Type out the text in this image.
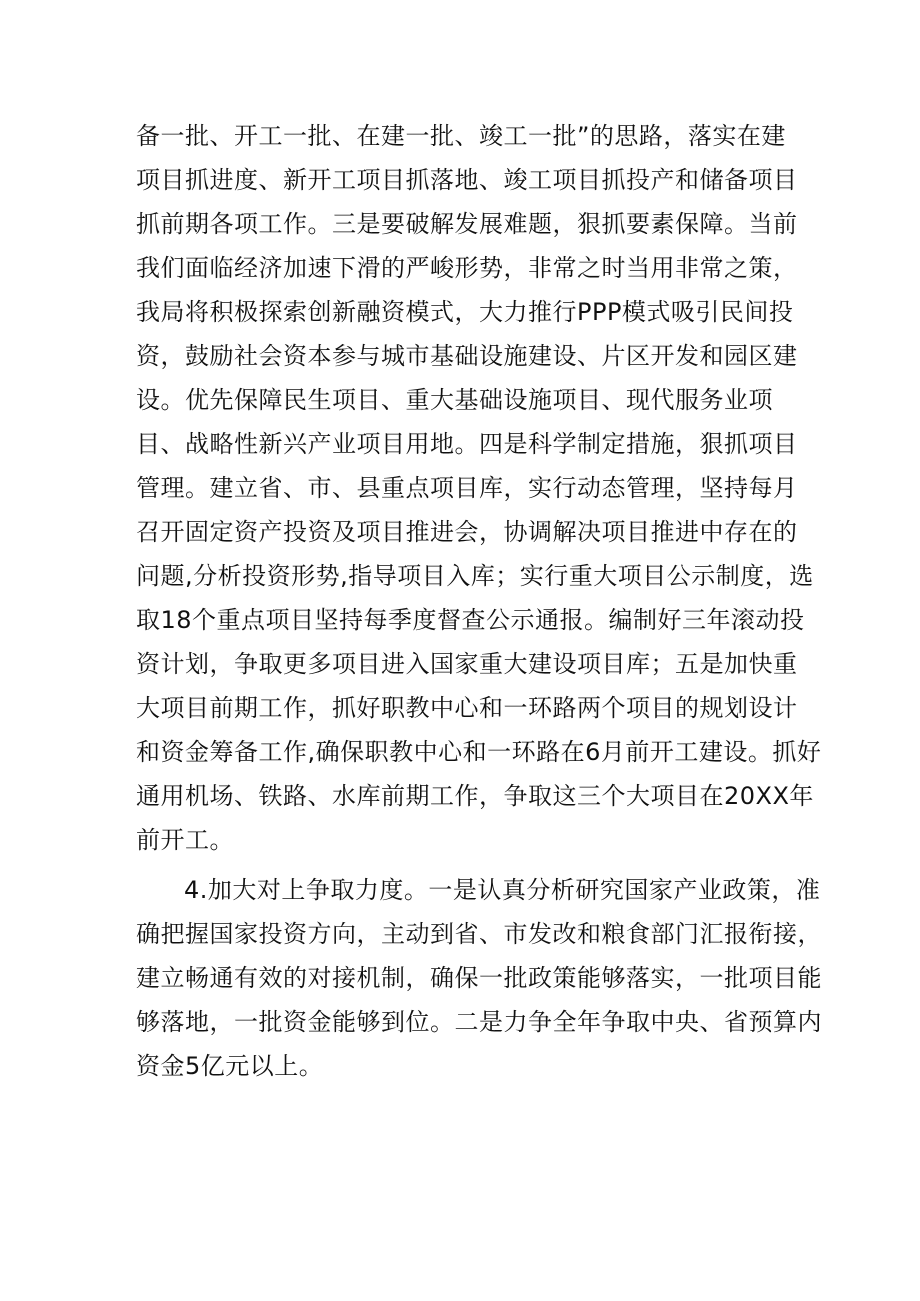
备一批、开工一批、在建一批、竣工一批”的思路，落实在建
项目抓进度、新开工项目抓落地、竣工项目抓投产和储备项目
抓前期各项工作。三是要破解发展难题，狠抓要素保障。当前
我们面临经济加速下滑的严峻形势，非常之时当用非常之策，
我局将积极探索创新融资模式，大力推行PPP模式吸引民间投
资，鼓励社会资本参与城市基础设施建设、片区开发和园区建
设。优先保障民生项目、重大基础设施项目、现代服务业项
目、战略性新兴产业项目用地。四是科学制定措施，狠抓项目
管理。建立省、市、县重点项目库，实行动态管理，坚持每月
召开固定资产投资及项目推进会，协调解决项目推进中存在的
问题,分析投资形势,指导项目入库；实行重大项目公示制度，选
取18个重点项目坚持每季度督查公示通报。编制好三年滚动投
资计划，争取更多项目进入国家重大建设项目库；五是加快重
大项目前期工作，抓好职教中心和一环路两个项目的规划设计
和资金筹备工作,确保职教中心和一环路在6月前开工建设。抓好
通用机场、铁路、水库前期工作，争取这三个大项目在20XX年
前开工。
4.加大对上争取力度。一是认真分析研究国家产业政策，准
确把握国家投资方向，主动到省、市发改和粮食部门汇报衔接，
建立畅通有效的对接机制，确保一批政策能够落实，一批项目能
够落地，一批资金能够到位。二是力争全年争取中央、省预算内
资金5亿元以上。
